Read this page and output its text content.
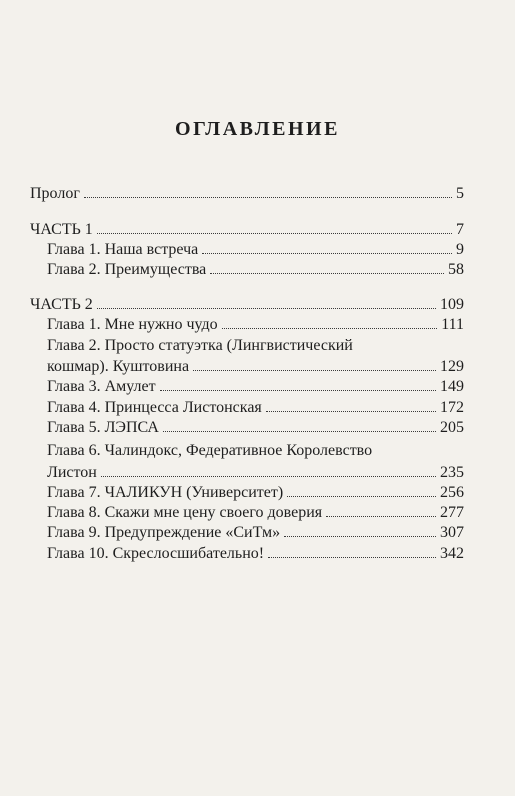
ОГЛАВЛЕНИЕ
Пролог	5
ЧАСТЬ 1	7
Глава 1. Наша встреча	9
Глава 2. Преимущества	58
ЧАСТЬ 2	109
Глава 1. Мне нужно чудо	111
Глава 2. Просто статуэтка (Лингвистический
кошмар). Куштовина	129
Глава 3. Амулет	149
Глава 4. Принцесса Листонская	172
Глава 5. ЛЭПСА	205
Глава 6. Чалиндокс, Федеративное Королевство
Листон	235
Глава 7. ЧАЛИКУН (Университет)	256
Глава 8. Скажи мне цену своего доверия	277
Глава 9. Предупреждение «СиТм»	307
Глава 10. Скреслосшибательно!	342
